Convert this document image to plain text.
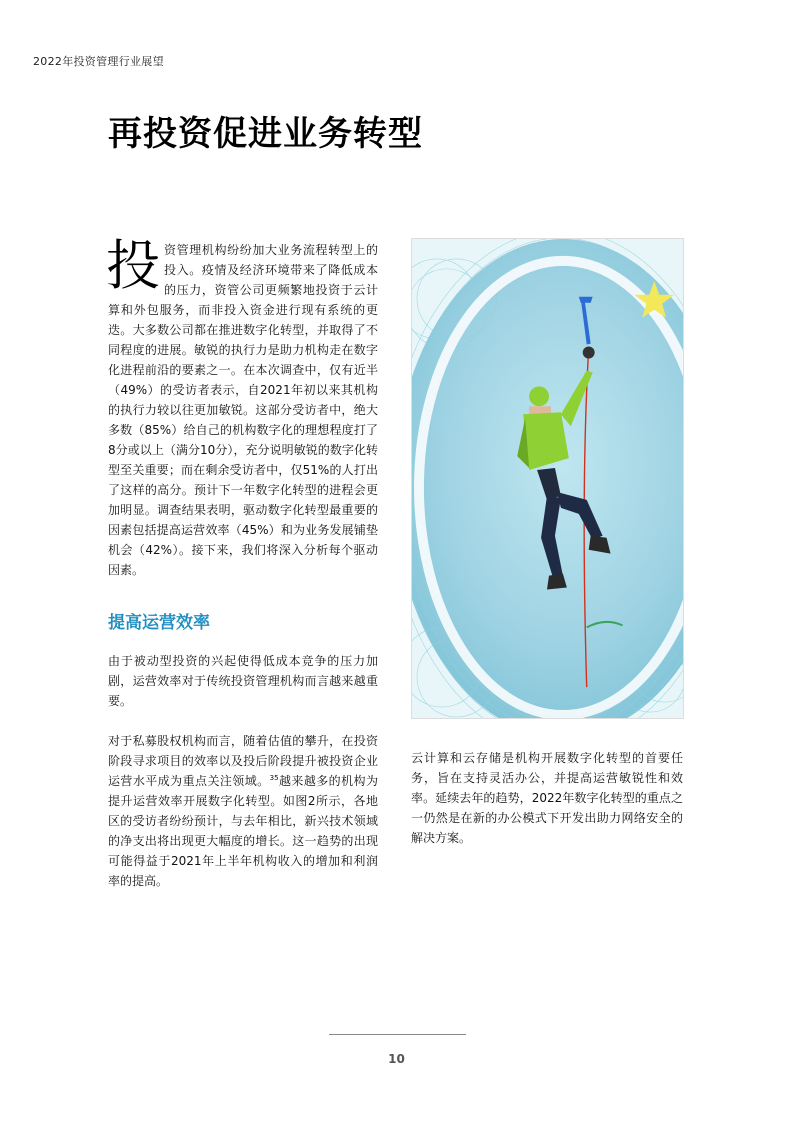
2022年投资管理行业展望
再投资促进业务转型
投 资管理机构纷纷加大业务流程转型上的投入。疫情及经济环境带来了降低成本的压力，资管公司更频繁地投资于云计算和外包服务，而非投入资金进行现有系统的更迭。大多数公司都在推进数字化转型，并取得了不同程度的进展。敏锐的执行力是助力机构走在数字化进程前沿的要素之一。在本次调查中，仅有近半（49%）的受访者表示，自2021年初以来其机构的执行力较以往更加敏锐。这部分受访者中，绝大多数（85%）给自己的机构数字化的理想程度打了8分或以上（满分10分），充分说明敏锐的数字化转型至关重要；而在剩余受访者中，仅51%的人打出了这样的高分。预计下一年数字化转型的进程会更加明显。调查结果表明，驱动数字化转型最重要的因素包括提高运营效率（45%）和为业务发展铺垫机会（42%）。接下来，我们将深入分析每个驱动因素。
提高运营效率

由于被动型投资的兴起使得低成本竞争的压力加剧，运营效率对于传统投资管理机构而言越来越重要。

对于私募股权机构而言，随着估值的攀升，在投资阶段寻求项目的效率以及投后阶段提升被投资企业运营水平成为重点关注领域。$^{35}$越来越多的机构为提升运营效率开展数字化转型。如图2所示，各地区的受访者纷纷预计，与去年相比，新兴技术领域的净支出将出现更大幅度的增长。这一趋势的出现可能得益于2021年上半年机构收入的增加和利润率的提高。

云计算和云存储是机构开展数字化转型的首要任务，旨在支持灵活办公，并提高运营敏锐性和效率。延续去年的趋势，2022年数字化转型的重点之一仍然是在新的办公模式下开发出助力网络安全的解决方案。

10
